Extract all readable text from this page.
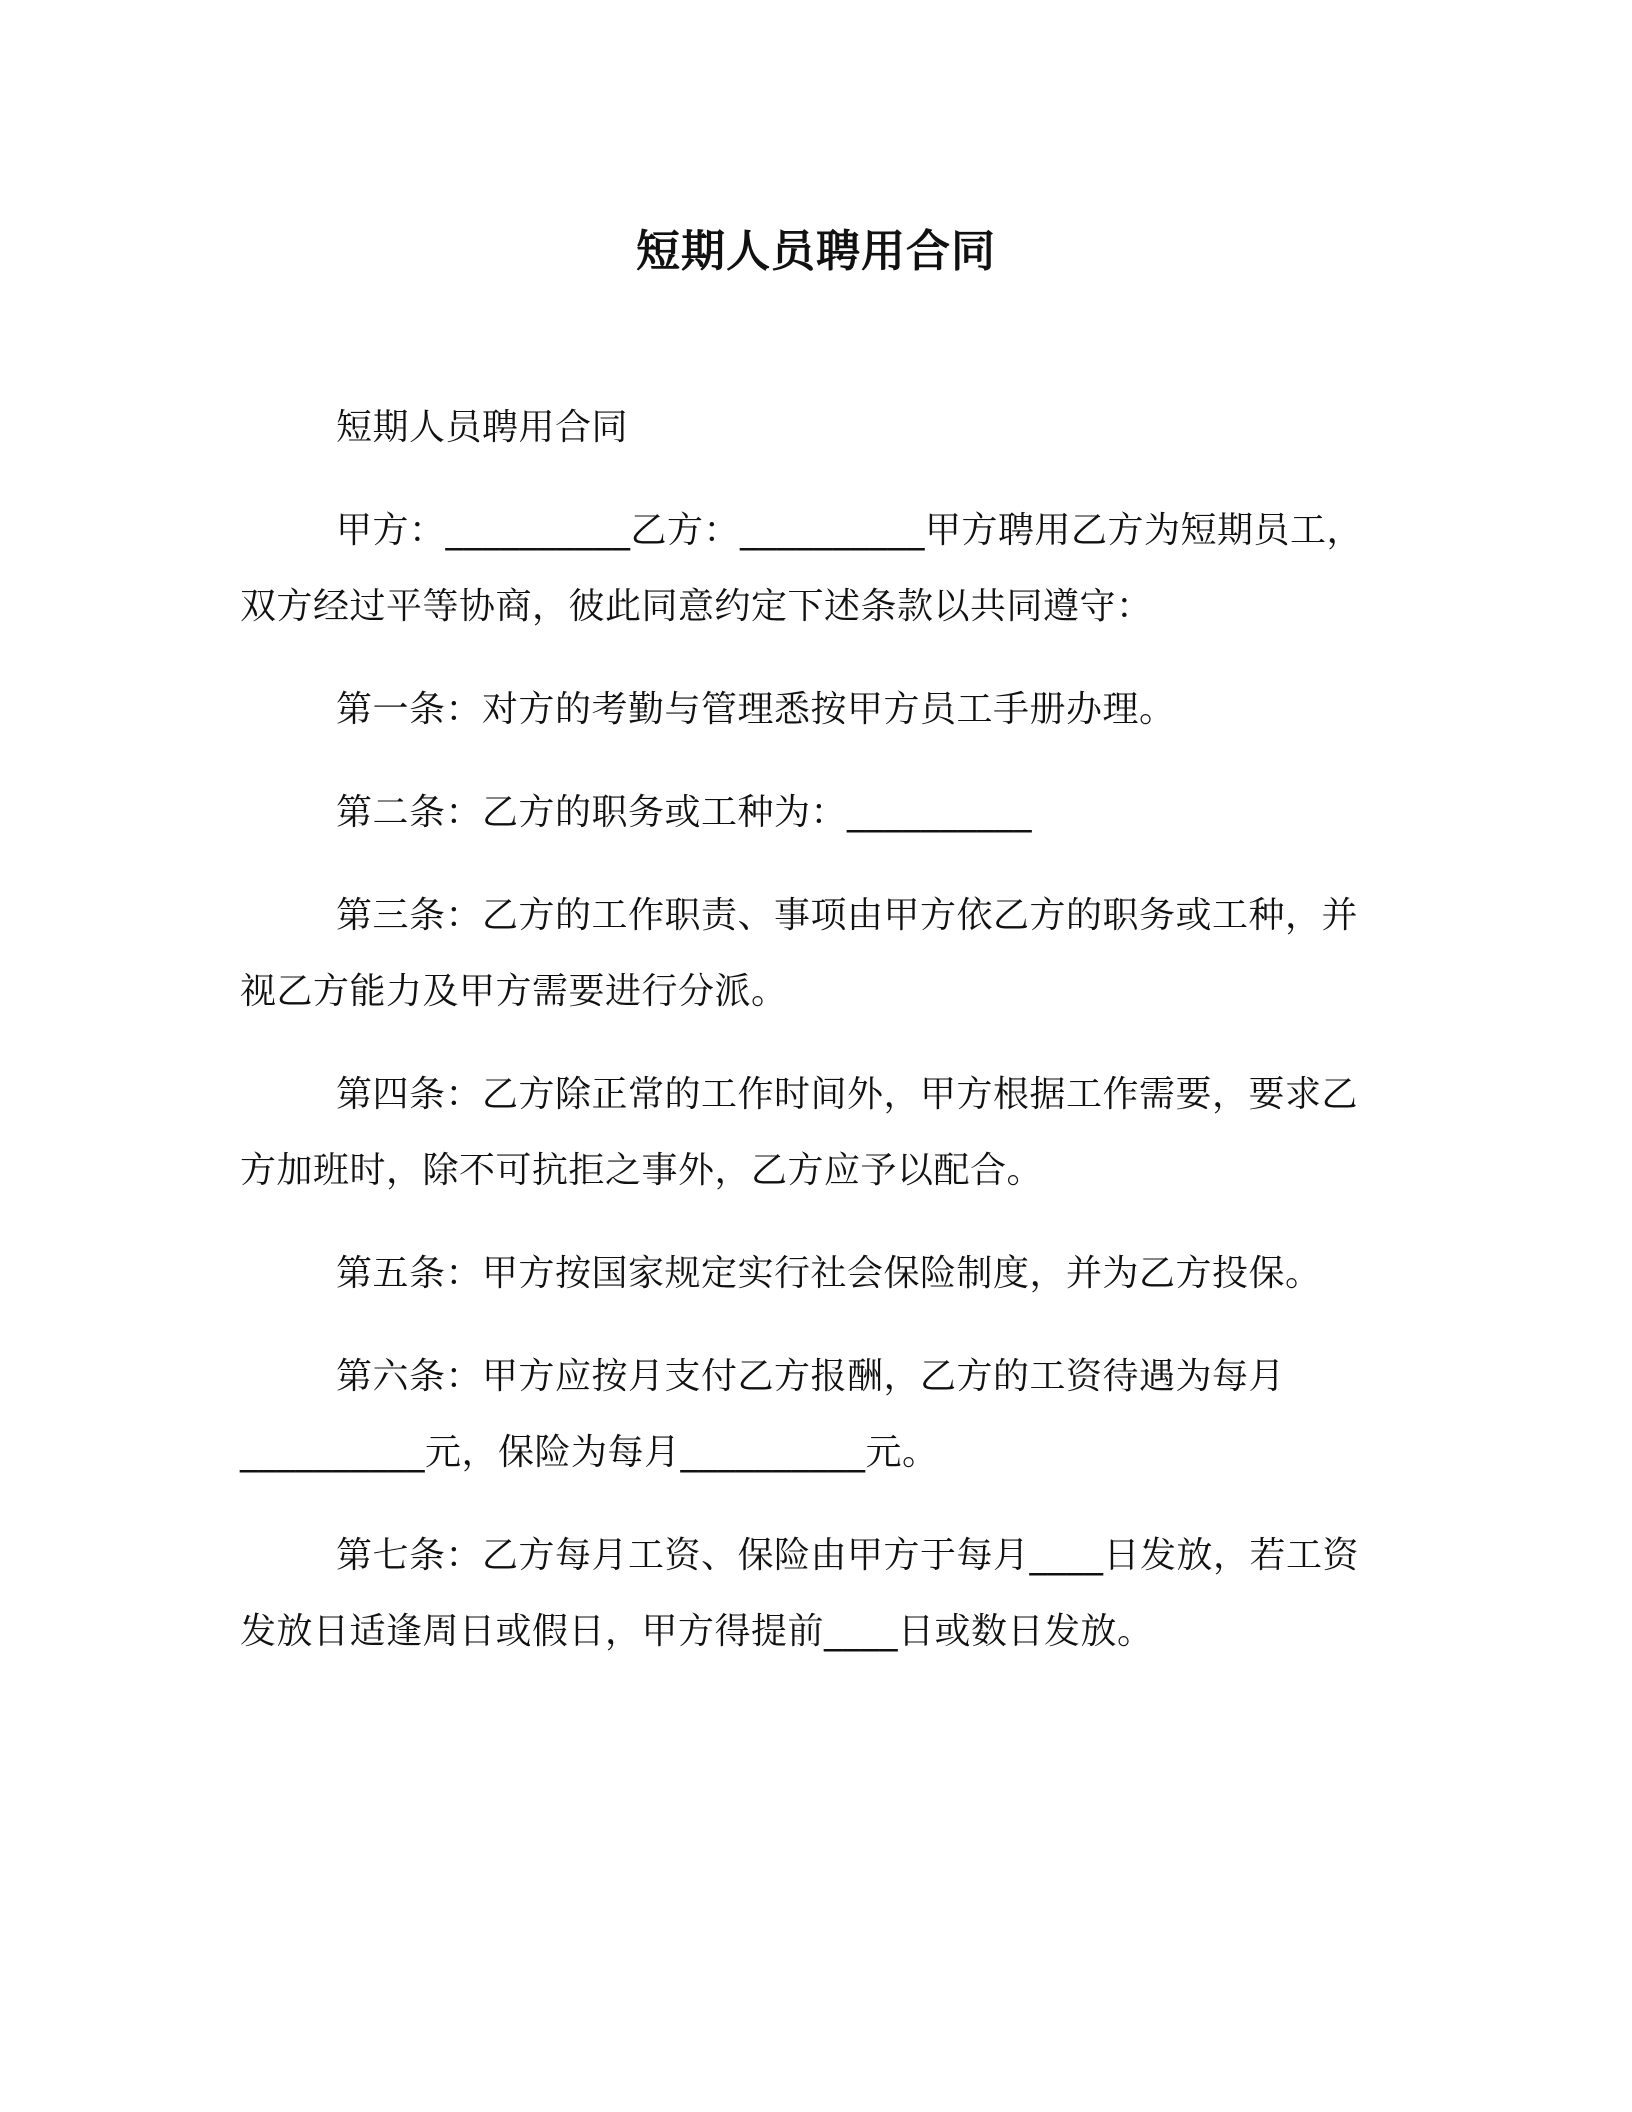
短期人员聘用合同

短期人员聘用合同

甲方：__________乙方：__________甲方聘用乙方为短期员工，双方经过平等协商，彼此同意约定下述条款以共同遵守：

第一条：对方的考勤与管理悉按甲方员工手册办理。

第二条：乙方的职务或工种为：__________

第三条：乙方的工作职责、事项由甲方依乙方的职务或工种，并视乙方能力及甲方需要进行分派。

第四条：乙方除正常的工作时间外，甲方根据工作需要，要求乙方加班时，除不可抗拒之事外，乙方应予以配合。

第五条：甲方按国家规定实行社会保险制度，并为乙方投保。

第六条：甲方应按月支付乙方报酬，乙方的工资待遇为每月__________元，保险为每月__________元。

第七条：乙方每月工资、保险由甲方于每月____日发放，若工资发放日适逢周日或假日，甲方得提前____日或数日发放。
